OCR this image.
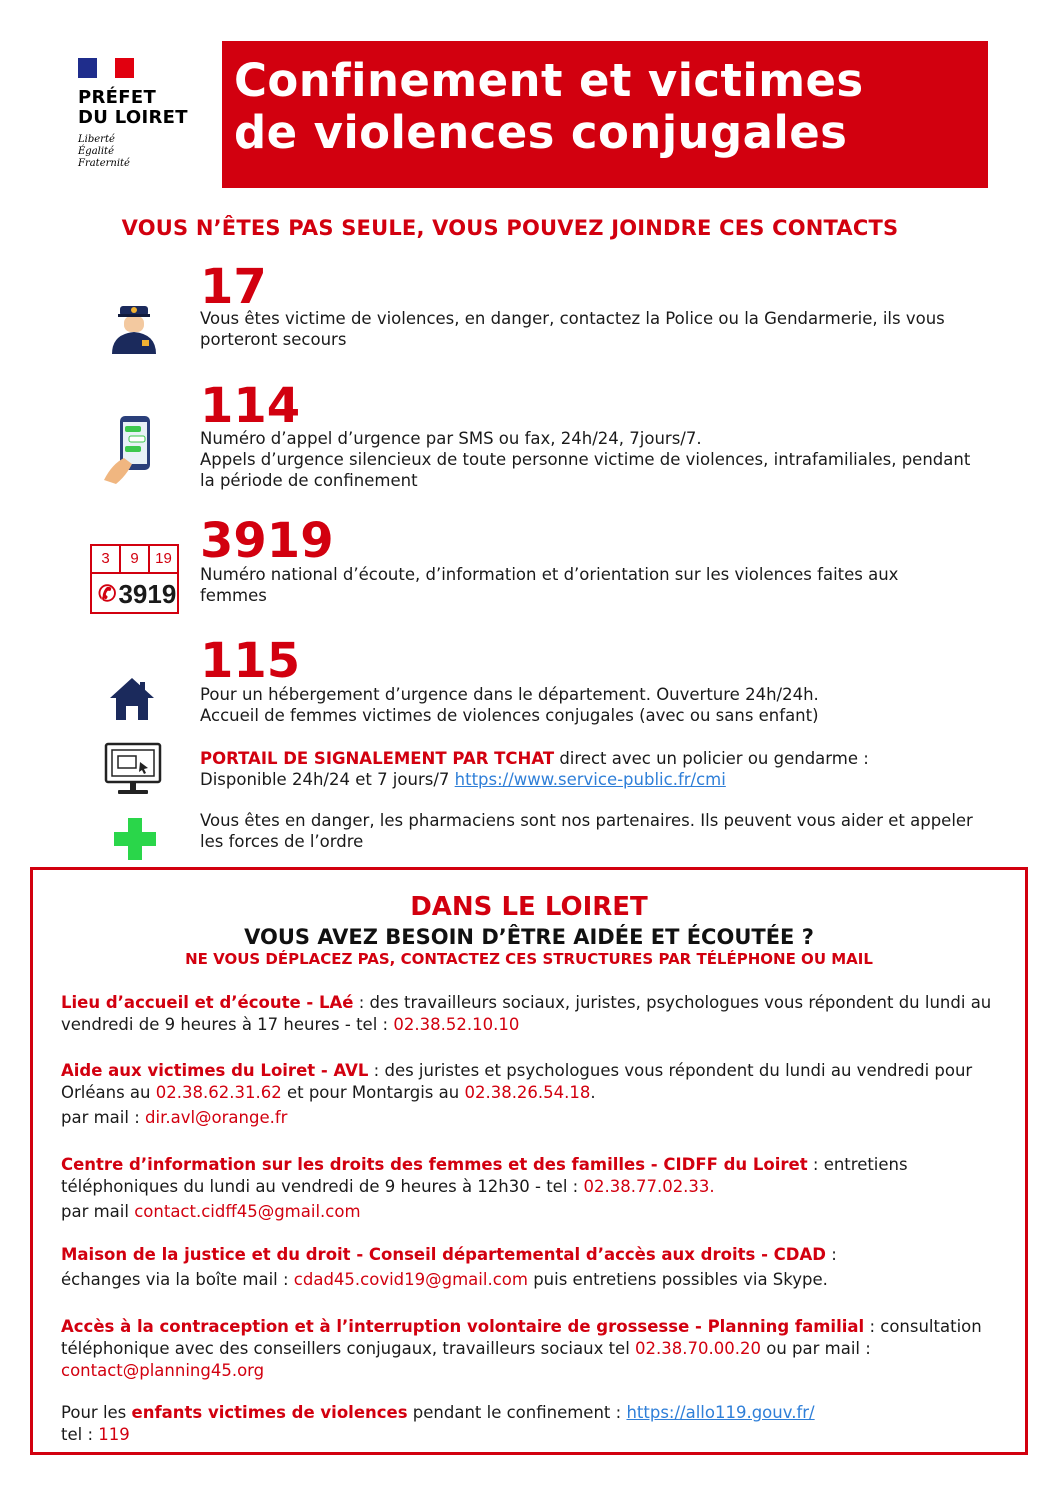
PRÉFET
DU LOIRET
Liberté
Égalité
Fraternité
Confinement et victimes
de violences conjugales
VOUS N’ÊTES PAS SEULE, VOUS POUVEZ JOINDRE CES CONTACTS
17
Vous êtes victime de violences, en danger, contactez la Police ou la Gendarmerie, ils vous porteront secours
114
Numéro d’appel d’urgence par SMS ou fax, 24h/24, 7jours/7.
Appels d’urgence silencieux de toute personne victime de violences, intrafamiliales, pendant la période de confinement
3	9	19
✆ 3919
3919
Numéro national d’écoute, d’information et d’orientation sur les violences faites aux femmes
115
Pour un hébergement d’urgence dans le département. Ouverture 24h/24h.
Accueil de femmes victimes de violences conjugales (avec ou sans enfant)
PORTAIL DE SIGNALEMENT PAR TCHAT direct avec un policier ou gendarme :
Disponible 24h/24 et 7 jours/7 https://www.service-public.fr/cmi
Vous êtes en danger, les pharmaciens sont nos partenaires. Ils peuvent vous aider et appeler les forces de l’ordre
DANS LE LOIRET
VOUS AVEZ BESOIN D’ÊTRE AIDÉE ET ÉCOUTÉE ?
NE VOUS DÉPLACEZ PAS, CONTACTEZ CES STRUCTURES PAR TÉLÉPHONE OU MAIL
Lieu d’accueil et d’écoute - LAé : des travailleurs sociaux, juristes, psychologues vous répondent du lundi au vendredi de 9 heures à 17 heures - tel : 02.38.52.10.10
Aide aux victimes du Loiret - AVL : des juristes et psychologues vous répondent du lundi au vendredi pour Orléans au 02.38.62.31.62 et pour Montargis au 02.38.26.54.18.
par mail : dir.avl@orange.fr
Centre d’information sur les droits des femmes et des familles - CIDFF du Loiret : entretiens téléphoniques du lundi au vendredi de 9 heures à 12h30 - tel : 02.38.77.02.33.
par mail contact.cidff45@gmail.com
Maison de la justice et du droit - Conseil départemental d’accès aux droits - CDAD :
échanges via la boîte mail : cdad45.covid19@gmail.com puis entretiens possibles via Skype.
Accès à la contraception et à l’interruption volontaire de grossesse - Planning familial : consultation téléphonique avec des conseillers conjugaux, travailleurs sociaux tel 02.38.70.00.20 ou par mail : contact@planning45.org
Pour les enfants victimes de violences pendant le confinement : https://allo119.gouv.fr/
tel : 119
